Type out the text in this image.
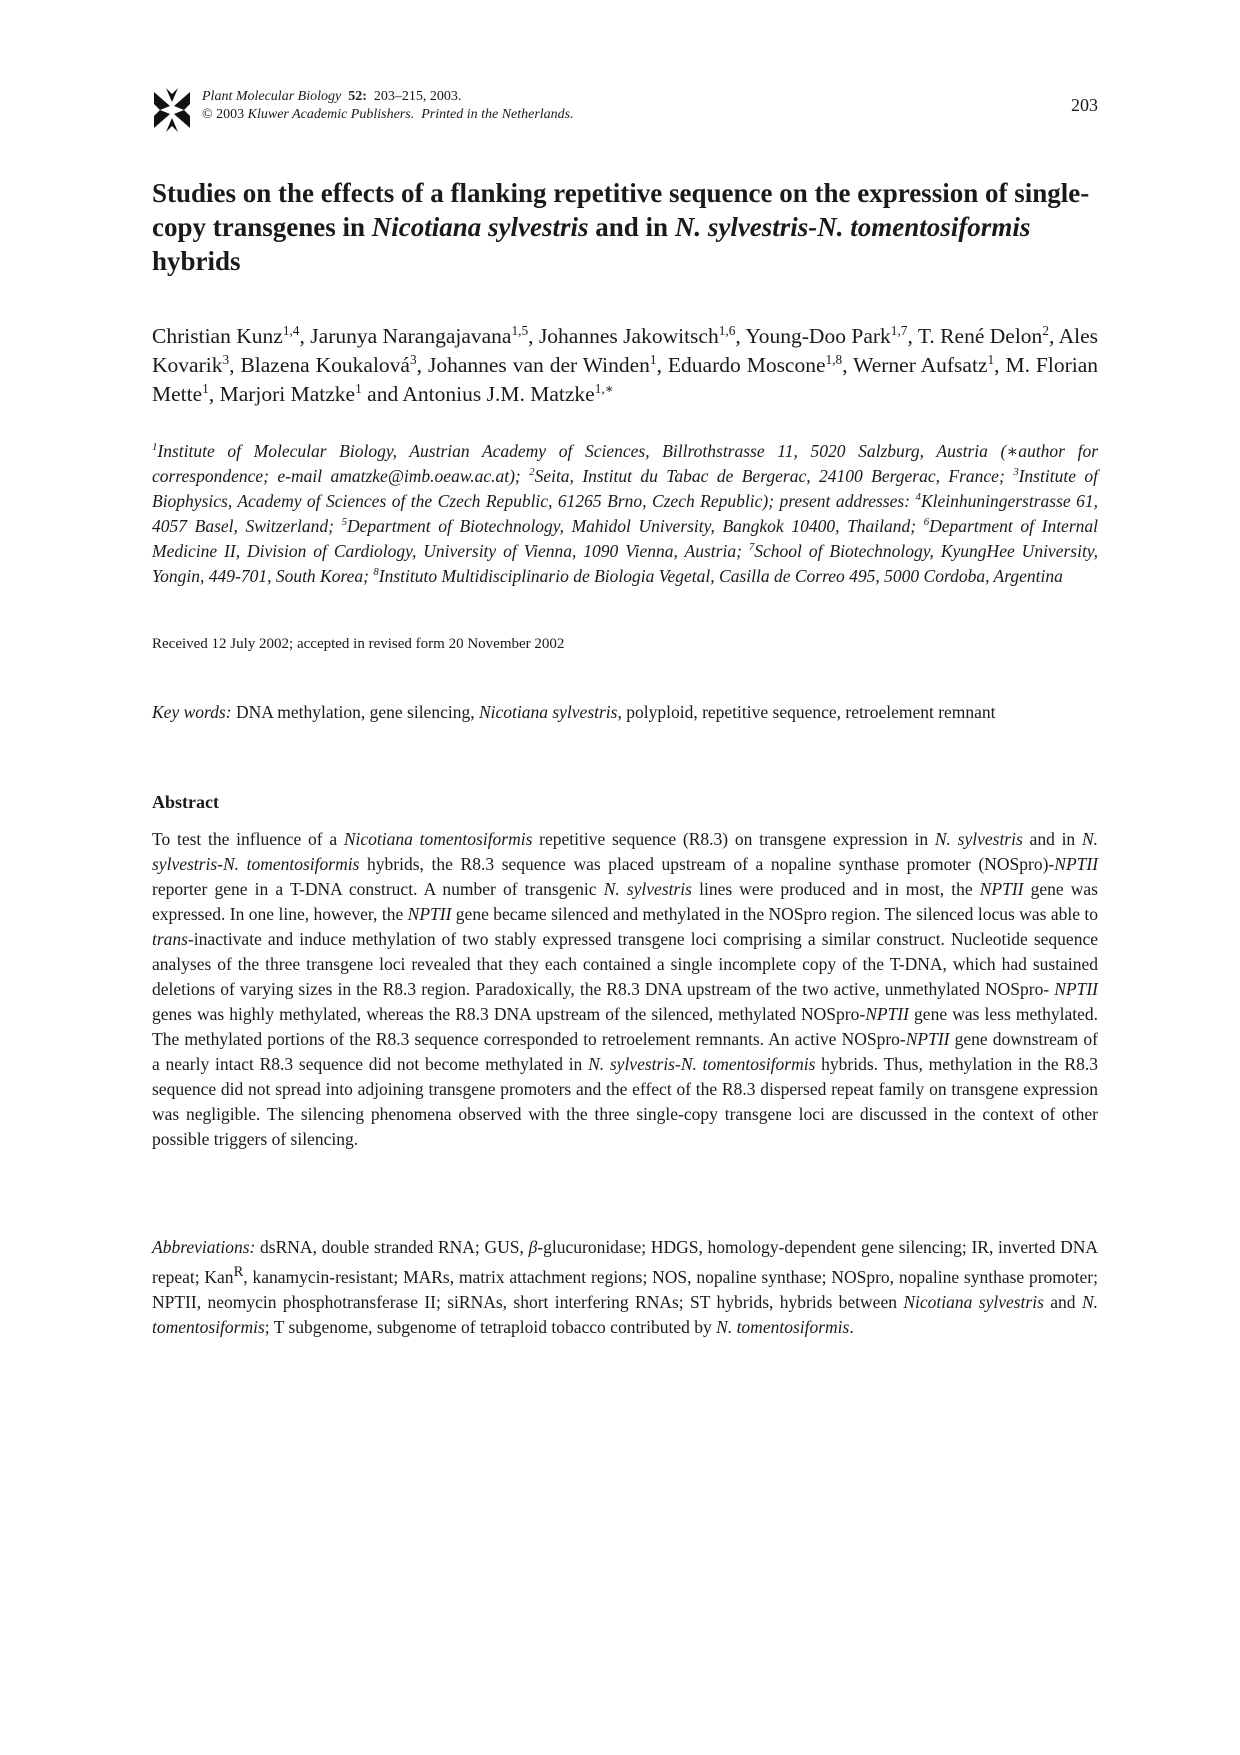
Plant Molecular Biology 52: 203–215, 2003.
© 2003 Kluwer Academic Publishers. Printed in the Netherlands.	203
Studies on the effects of a flanking repetitive sequence on the expression of single-copy transgenes in Nicotiana sylvestris and in N. sylvestris-N. tomentosiformis hybrids
Christian Kunz$^{1,4}$, Jarunya Narangajavana$^{1,5}$, Johannes Jakowitsch$^{1,6}$, Young-Doo Park$^{1,7}$, T. René Delon$^2$, Ales Kovarik$^3$, Blazena Koukalová$^3$, Johannes van der Winden$^1$, Eduardo Moscone$^{1,8}$, Werner Aufsatz$^1$, M. Florian Mette$^1$, Marjori Matzke$^1$ and Antonius J.M. Matzke$^{1,∗}$
$^1$Institute of Molecular Biology, Austrian Academy of Sciences, Billrothstrasse 11, 5020 Salzburg, Austria (∗author for correspondence; e-mail amatzke@imb.oeaw.ac.at); $^2$Seita, Institut du Tabac de Bergerac, 24100 Bergerac, France; $^3$Institute of Biophysics, Academy of Sciences of the Czech Republic, 61265 Brno, Czech Republic); present addresses: $^4$Kleinhuningerstrasse 61, 4057 Basel, Switzerland; $^5$Department of Biotechnology, Mahidol University, Bangkok 10400, Thailand; $^6$Department of Internal Medicine II, Division of Cardiology, University of Vienna, 1090 Vienna, Austria; $^7$School of Biotechnology, KyungHee University, Yongin, 449-701, South Korea; $^8$Instituto Multidisciplinario de Biologia Vegetal, Casilla de Correo 495, 5000 Cordoba, Argentina
Received 12 July 2002; accepted in revised form 20 November 2002
Key words: DNA methylation, gene silencing, Nicotiana sylvestris, polyploid, repetitive sequence, retroelement remnant
Abstract
To test the influence of a Nicotiana tomentosiformis repetitive sequence (R8.3) on transgene expression in N. sylvestris and in N. sylvestris-N. tomentosiformis hybrids, the R8.3 sequence was placed upstream of a nopaline synthase promoter (NOSpro)-NPTII reporter gene in a T-DNA construct. A number of transgenic N. sylvestris lines were produced and in most, the NPTII gene was expressed. In one line, however, the NPTII gene became silenced and methylated in the NOSpro region. The silenced locus was able to trans-inactivate and induce methylation of two stably expressed transgene loci comprising a similar construct. Nucleotide sequence analyses of the three transgene loci revealed that they each contained a single incomplete copy of the T-DNA, which had sustained deletions of varying sizes in the R8.3 region. Paradoxically, the R8.3 DNA upstream of the two active, unmethylated NOSpro- NPTII genes was highly methylated, whereas the R8.3 DNA upstream of the silenced, methylated NOSpro-NPTII gene was less methylated. The methylated portions of the R8.3 sequence corresponded to retroelement remnants. An active NOSpro-NPTII gene downstream of a nearly intact R8.3 sequence did not become methylated in N. sylvestris-N. tomentosiformis hybrids. Thus, methylation in the R8.3 sequence did not spread into adjoining transgene promoters and the effect of the R8.3 dispersed repeat family on transgene expression was negligible. The silencing phenomena observed with the three single-copy transgene loci are discussed in the context of other possible triggers of silencing.
Abbreviations: dsRNA, double stranded RNA; GUS, β-glucuronidase; HDGS, homology-dependent gene silencing; IR, inverted DNA repeat; Kan$^R$, kanamycin-resistant; MARs, matrix attachment regions; NOS, nopaline synthase; NOSpro, nopaline synthase promoter; NPTII, neomycin phosphotransferase II; siRNAs, short interfering RNAs; ST hybrids, hybrids between Nicotiana sylvestris and N. tomentosiformis; T subgenome, subgenome of tetraploid tobacco contributed by N. tomentosiformis.
